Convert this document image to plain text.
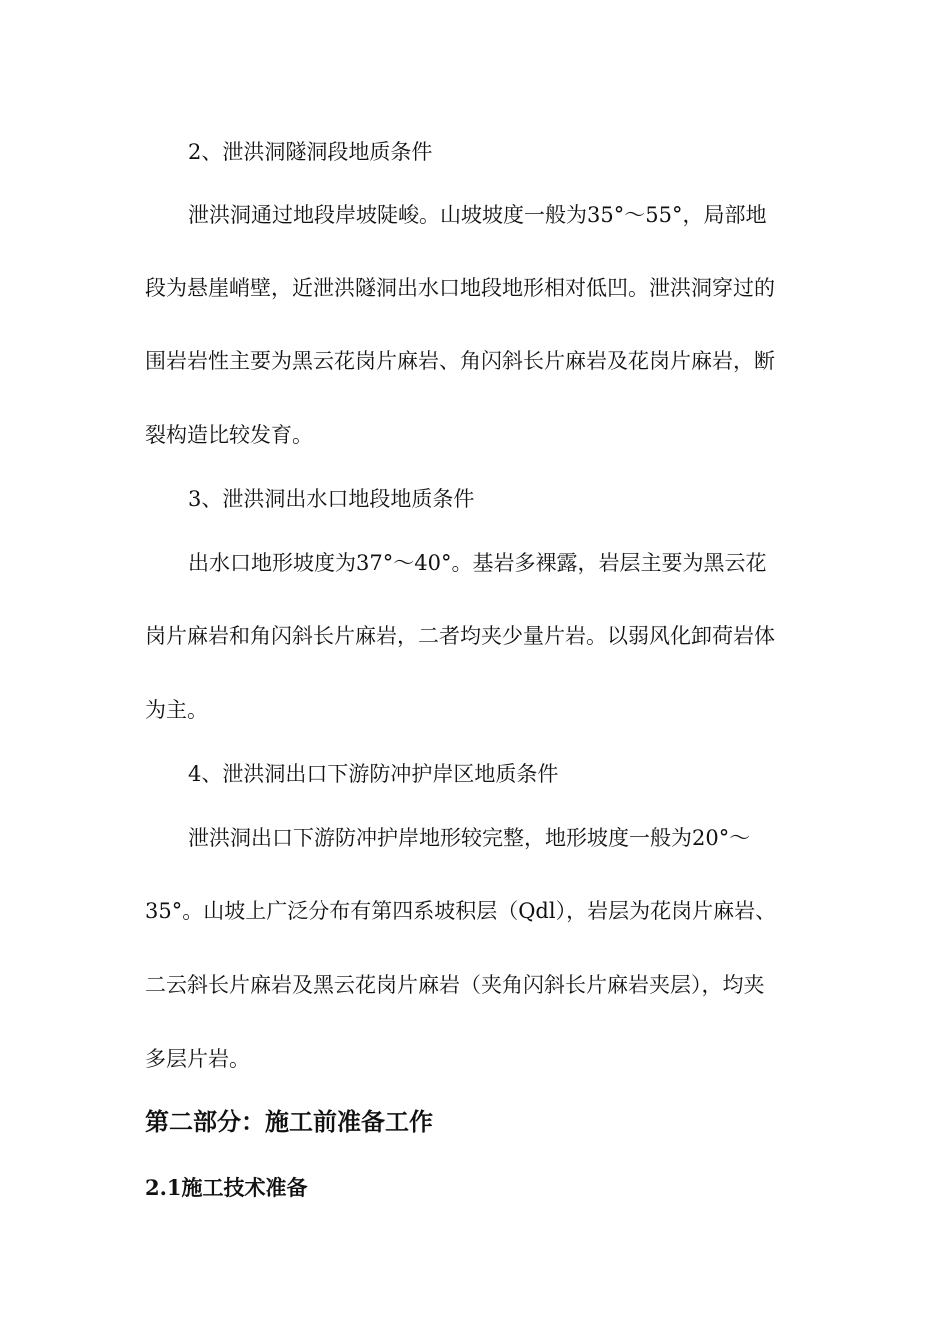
2、泄洪洞隧洞段地质条件
泄洪洞通过地段岸坡陡峻。山坡坡度一般为35°～55°，局部地
段为悬崖峭壁，近泄洪隧洞出水口地段地形相对低凹。泄洪洞穿过的
围岩岩性主要为黑云花岗片麻岩、角闪斜长片麻岩及花岗片麻岩，断
裂构造比较发育。
3、泄洪洞出水口地段地质条件
出水口地形坡度为37°～40°。基岩多裸露，岩层主要为黑云花
岗片麻岩和角闪斜长片麻岩，二者均夹少量片岩。以弱风化卸荷岩体
为主。
4、泄洪洞出口下游防冲护岸区地质条件
泄洪洞出口下游防冲护岸地形较完整，地形坡度一般为20°～
35°。山坡上广泛分布有第四系坡积层（Qdl），岩层为花岗片麻岩、
二云斜长片麻岩及黑云花岗片麻岩（夹角闪斜长片麻岩夹层），均夹
多层片岩。
第二部分：施工前准备工作
2.1施工技术准备
